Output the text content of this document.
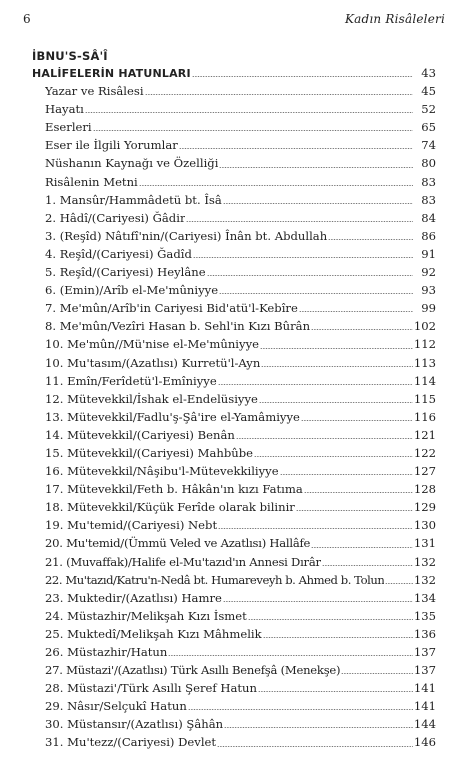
6	Kadın Risâleleri
İBNU'S-SÂ'Î
HALİFELERİN HATUNLARI	43
Yazar ve Risâlesi	45
Hayatı	52
Eserleri	65
Eser ile İlgili Yorumlar	74
Nüshanın Kaynağı ve Özelliği	80
Risâlenin Metni	83
1. Mansûr/Hammâdetü bt. Îsâ	83
2. Hâdî/(Cariyesi) Ğâdir	84
3. (Reşîd) Nâtıfî'nin/(Cariyesi) Înân bt. Abdullah	86
4. Reşîd/(Cariyesi) Ğadîd	91
5. Reşîd/(Cariyesi) Heylâne	92
6. (Emin)/Arîb el-Me'mûniyye	93
7. Me'mûn/Arîb'in Cariyesi Bid'atü'l-Kebîre	99
8. Me'mûn/Vezîri Hasan b. Sehl'in Kızı Bûrân	102
10. Me'mûn//Mü'nise el-Me'mûniyye	112
10. Mu'tasım/(Azatlısı) Kurretü'l-Ayn	113
11. Emîn/Ferîdetü'l-Emîniyye	114
12. Mütevekkil/İshak el-Endelüsiyye	115
13. Mütevekkil/Fadlu'ş-Şâ'ire el-Yamâmiyye	116
14. Mütevekkil/(Cariyesi) Benân	121
15. Mütevekkil/(Cariyesi) Mahbûbe	122
16. Mütevekkil/Nâşibu'l-Mütevekkiliyye	127
17. Mütevekkil/Feth b. Hâkân'ın kızı Fatıma	128
18. Mütevekkil/Küçük Ferîde olarak bilinir	129
19. Mu'temid/(Cariyesi) Nebt	130
20. Mu'temid/(Ümmü Veled ve Azatlısı) Hallâfe	131
21. (Muvaffak)/Halife el-Mu'tazıd'ın Annesi Dırâr	132
22. Mu'tazıd/Katru'n-Nedâ bt. Humareveyh b. Ahmed b. Tolun	132
23. Muktedir/(Azatlısı) Hamre	134
24. Müstazhir/Melikşah Kızı İsmet	135
25. Muktedî/Melikşah Kızı Mâhmelik	136
26. Müstazhir/Hatun	137
27. Müstazi'/(Azatlısı) Türk Asıllı Benefşâ (Menekşe)	137
28. Müstazi'/Türk Asıllı Şeref Hatun	141
29. Nâsır/Selçukî Hatun	141
30. Müstansır/(Azatlısı) Şâhân	144
31. Mu'tezz/(Cariyesi) Devlet	146
